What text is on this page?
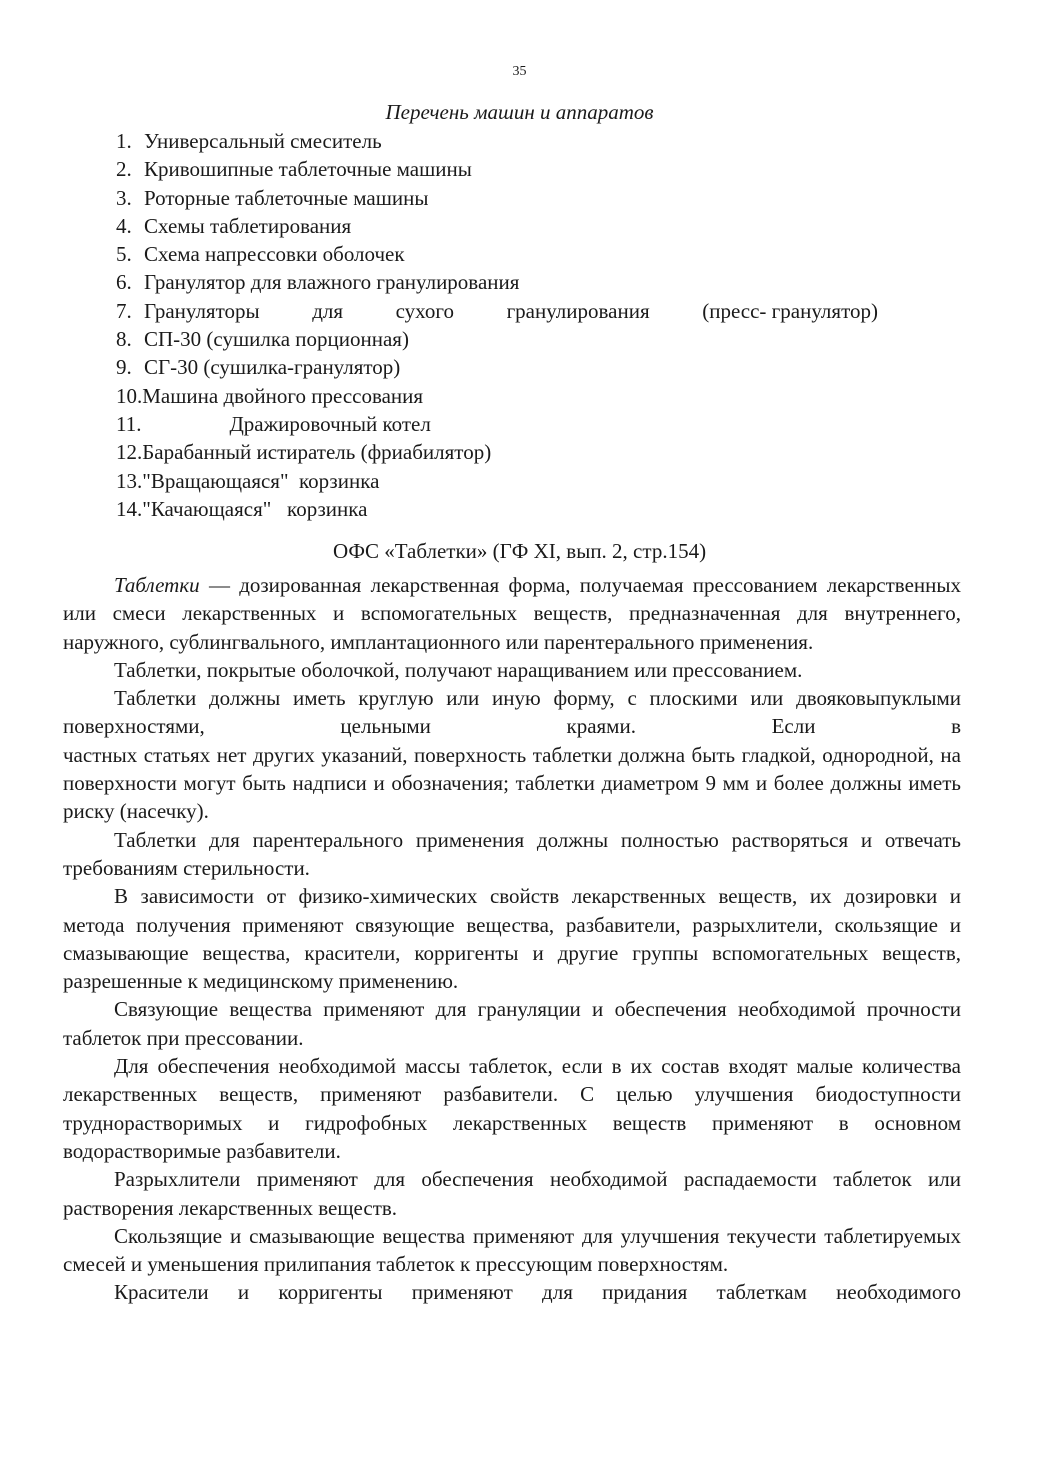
35
Перечень машин и аппаратов
1. Универсальный смеситель
2. Кривошипные таблеточные машины
3. Роторные таблеточные машины
4. Схемы таблетирования
5. Схема напрессовки оболочек
6. Гранулятор для влажного гранулирования
7. Грануляторы	для	сухого	гранулирования	(пресс- гранулятор)
8. СП-30 (сушилка порционная)
9. СГ-30 (сушилка-гранулятор)
10.Машина двойного прессования
11.	Дражировочный котел
12.Барабанный истиратель (фриабилятор)
13."Вращающаяся"  корзинка
14."Качающаяся"   корзинка
ОФС «Таблетки» (ГФ XI, вып. 2, стр.154)

Таблетки — дозированная лекарственная форма, получаемая прессованием лекарственных или смеси лекарственных и вспомогательных веществ, предназначенная для внутреннего, наружного, сублингвального, имплантационного или парентерального применения.

Таблетки, покрытые оболочкой, получают наращиванием или прессованием.

Таблетки должны иметь круглую или иную форму, с плоскими или двояковыпуклыми поверхностями, цельными краями. Если в

частных статьях нет других указаний, поверхность таблетки должна быть гладкой, однородной, на поверхности могут быть надписи и обозначения; таблетки диаметром 9 мм и более должны иметь риску (насечку).

Таблетки для парентерального применения должны полностью растворяться и отвечать требованиям стерильности.

В зависимости от физико-химических свойств лекарственных веществ, их дозировки и метода получения применяют связующие вещества, разбавители, разрыхлители, скользящие и смазывающие вещества, красители, корригенты и другие группы вспомогательных веществ, разрешенные к медицинскому применению.

Связующие вещества применяют для грануляции и обеспечения необходимой прочности таблеток при прессовании.

Для обеспечения необходимой массы таблеток, если в их состав входят малые количества лекарственных веществ, применяют разбавители. С целью улучшения биодоступности труднорастворимых и гидрофобных лекарственных веществ применяют в основном водорастворимые разбавители.

Разрыхлители применяют для обеспечения необходимой распадаемости таблеток или растворения лекарственных веществ.

Скользящие и смазывающие вещества применяют для улучшения текучести таблетируемых смесей и уменьшения прилипания таблеток к прессующим поверхностям.

Красители и корригенты применяют для придания таблеткам необходимого
